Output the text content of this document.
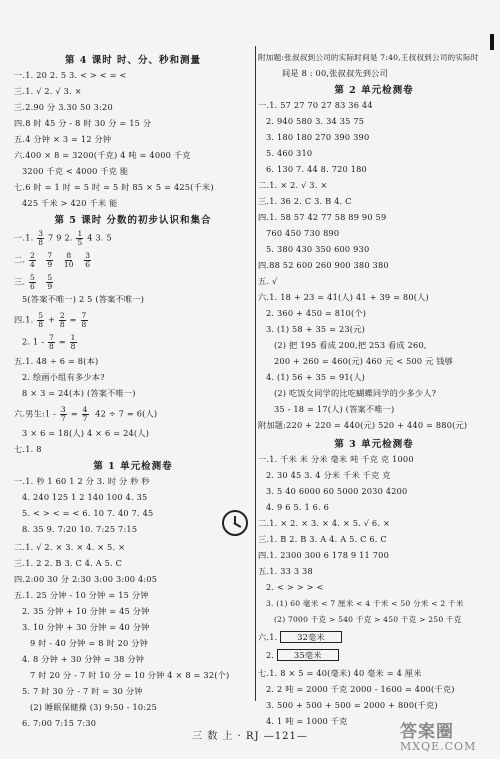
第 4 课时 时、分、秒和测量
一.1. 20 2. 5 3. < > < = <
三.1. √ 2. √ 3. ×
三.2.90 分 3.30 50 3:20
四.8 时 45 分 - 8 时 30 分 = 15 分
五.4 分钟 × 3 = 12 分钟
六.400 × 8 = 3200(千克) 4 吨 = 4000 千克
3200 千克 < 4000 千克 能
七.6 时 = 1 时 = 5 时 = 5 时 85 × 5 = 425(千米)
425 千米 > 420 千米 能
第 5 课时 分数的初步认识和集合
一.1. $\frac{3}{8} 7$ 9 2. $\frac{1}{5} 4$ 3. 5
二. $\frac{2}{4}$
$\frac{7}{9}$
$\frac{8}{10}$
$\frac{3}{6}$
三. $\frac{5}{6}$
$\frac{5}{9}$
5(答案不唯一) 2 5 (答案不唯一)
四.1. $\frac{5}{8} + \frac{2}{8} = \frac{7}{8}$
2. $1 - \frac{7}{8} = \frac{1}{8}$
五.1. 48 ÷ 6 = 8(本)
2. 绘画小组有多少本?
8 × 3 = 24(本) (答案不唯一)
六.男生:1 - $\frac{3}{7} = \frac{4}{7} 42 \div 7 = 6$(人)
3 × 6 = 18(人) 4 × 6 = 24(人)
七.1. 8
第 1 单元检测卷
一.1. 秒 1 60 1 2 分 3. 时 分 秒 秒
4. 240 125 1 2 140 100 4. 35
5. < > < = < 6. 10 7. 40 7. 45
8. 35 9. 7:20 10. 7:25 7:15
二.1. √ 2. × 3. × 4. × 5. ×
三.1. 2 2. B 3. C 4. A 5. C
四.2:00 30 分 2:30 3:00 3:00 4:05
五.1. 25 分钟 - 10 分钟 = 15 分钟
2. 35 分钟 + 10 分钟 = 45 分钟
3. 10 分钟 + 30 分钟 = 40 分钟
9 时 - 40 分钟 = 8 时 20 分钟
4. 8 分钟 + 30 分钟 = 38 分钟
7 时 20 分 - 7 时 10 分 = 10 分钟 4 × 8 = 32(个)
5. 7 时 30 分 - 7 时 = 30 分钟
(2) 睡眠保健操 (3) 9:50 - 10:25
6. 7:00 7:15 7:30
附加题:张叔叔到公司的实际时间是 7:40,王叔叔到公司的实际时
间是 8 : 00,张叔叔先到公司
第 2 单元检测卷
一.1. 57 27 70 27 83 36 44
2. 940 580 3. 34 35 75
3. 180 180 270 390 390
5. 460 310
6. 130 7. 44 8. 720 180
二.1. × 2. √ 3. ×
三.1. 36 2. C 3. B 4. C
四.1. 58 57 42 77 58 89 90 59
760 450 730 890
5. 380 430 350 600 930
四.88 52 600 260 900 380 380
五. √
六.1. 18 + 23 = 41(人) 41 + 39 = 80(人)
2. 360 + 450 = 810(个)
3. (1) 58 + 35 = 23(元)
(2) 把 195 看成 200,把 253 看成 260,
200 + 260 = 460(元) 460 元 < 500 元 钱够
4. (1) 56 + 35 = 91(人)
(2) 吃饭女同学的比吃蝴蝶同学的少多少人?
35 - 18 = 17(人) (答案不唯一)
附加题:220 + 220 = 440(元) 520 + 440 = 880(元)
第 3 单元检测卷
一.1. 千米 米 分米 毫米 吨 千克 克 1000
2. 30 45 3. 4 分米 千米 千克 克
3. 5 40 6000 60 5000 2030 4200
4. 9 6 5. 1 6. 6
二.1. × 2. × 3. × 4. × 5. √ 6. ×
三.1. B 2. B 3. A 4. A 5. C 6. C
四.1. 2300 300 6 178 9 11 700
五.1. 33 3 38
2. < > > > <
3. (1) 60 毫米 < 7 厘米 < 4 千米 < 50 分米 < 2 千米
(2) 7000 千克 > 540 千克 > 450 千克 > 250 千克
六.1. 32毫米
2. 35毫米
七.1. 8 × 5 = 40(毫米) 40 毫米 = 4 厘米
2. 2 吨 = 2000 千克 2000 - 1600 = 400(千克)
3. 500 + 500 + 500 = 2000 + 800(千克)
4. 1 吨 = 1000 千克
三 数 上 · RJ —121—	答案圈
MXQE.COM
